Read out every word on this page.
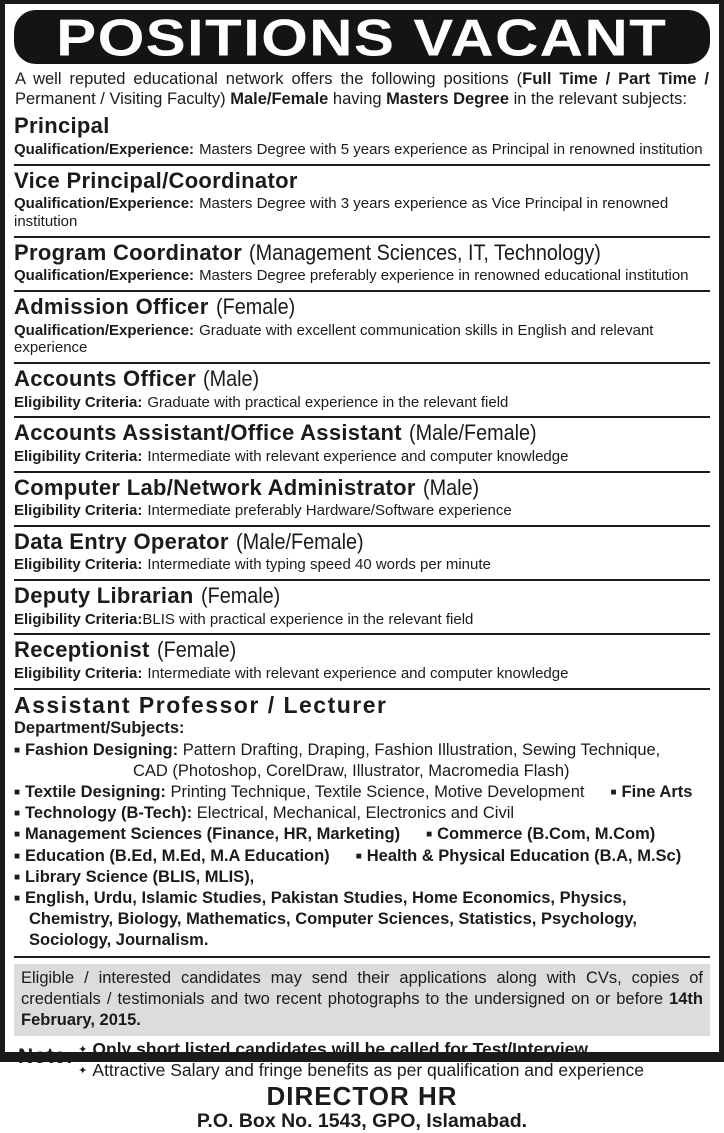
POSITIONS VACANT

A well reputed educational network offers the following positions (Full Time / Part Time / Permanent / Visiting Faculty) Male/Female having Masters Degree in the relevant subjects:

Principal

Qualification/Experience: Masters Degree with 5 years experience as Principal in renowned institution

Vice Principal/Coordinator

Qualification/Experience: Masters Degree with 3 years experience as Vice Principal in renowned institution

Program Coordinator (Management Sciences, IT, Technology)

Qualification/Experience: Masters Degree preferably experience in renowned educational institution

Admission Officer (Female)

Qualification/Experience: Graduate with excellent communication skills in English and relevant experience

Accounts Officer (Male)

Eligibility Criteria: Graduate with practical experience in the relevant field

Accounts Assistant/Office Assistant (Male/Female)

Eligibility Criteria: Intermediate with relevant experience and computer knowledge

Computer Lab/Network Administrator (Male)

Eligibility Criteria: Intermediate preferably Hardware/Software experience

Data Entry Operator (Male/Female)

Eligibility Criteria: Intermediate with typing speed 40 words per minute

Deputy Librarian (Female)

Eligibility Criteria:BLIS with practical experience in the relevant field

Receptionist (Female)

Eligibility Criteria: Intermediate with relevant experience and computer knowledge

Assistant Professor / Lecturer

Department/Subjects:

■ Fashion Designing: Pattern Drafting, Draping, Fashion Illustration, Sewing Technique,
CAD (Photoshop, CorelDraw, Illustrator, Macromedia Flash)
■ Textile Designing: Printing Technique, Textile Science, Motive Development	■ Fine Arts
■ Technology (B-Tech): Electrical, Mechanical, Electronics and Civil
■ Management Sciences (Finance, HR, Marketing)	■ Commerce (B.Com, M.Com)
■ Education (B.Ed, M.Ed, M.A Education)	■ Health & Physical Education (B.A, M.Sc)
■ Library Science (BLIS, MLIS),
■ English, Urdu, Islamic Studies, Pakistan Studies, Home Economics, Physics, Chemistry, Biology, Mathematics, Computer Sciences, Statistics, Psychology, Sociology, Journalism.

Eligible / interested candidates may send their applications along with CVs, copies of credentials / testimonials and two recent photographs to the undersigned on or before 14th February, 2015.

Note: ✦ Only short listed candidates will be called for Test/Interview.
✦ Attractive Salary and fringe benefits as per qualification and experience
DIRECTOR HR
P.O. Box No. 1543, GPO, Islamabad.
